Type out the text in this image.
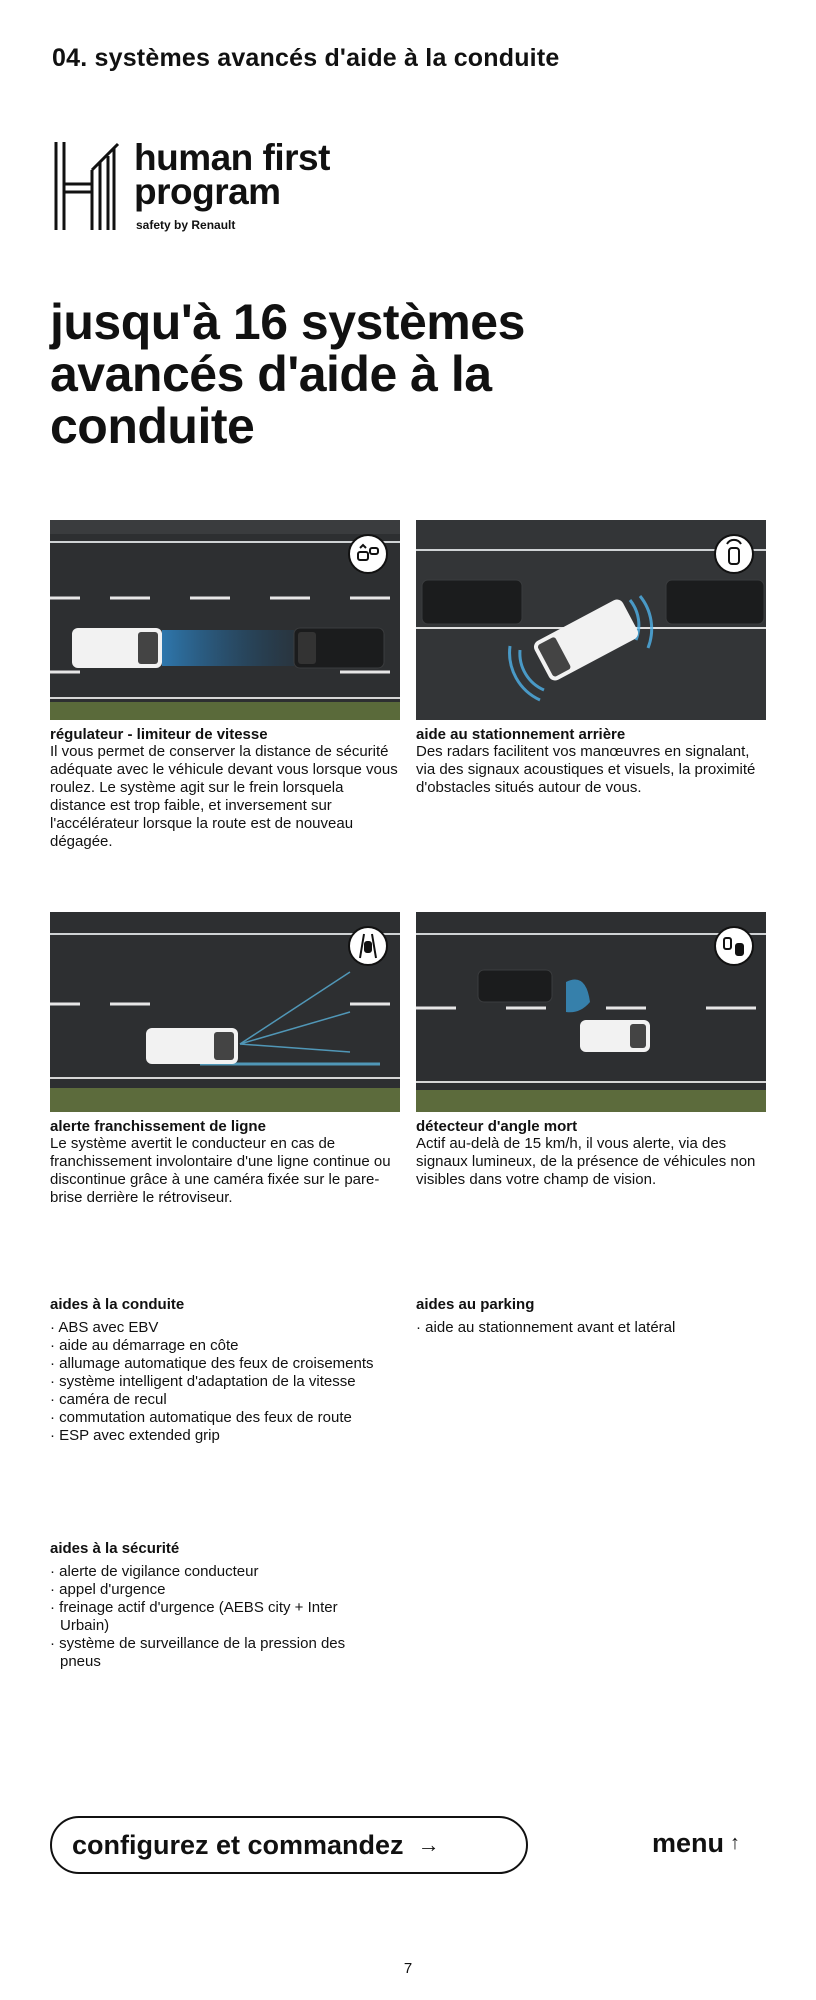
04. systèmes avancés d'aide à la conduite
human first
program
safety by Renault
jusqu'à 16 systèmes avancés d'aide à la conduite
régulateur - limiteur de vitesse

Il vous permet de conserver la distance de sécurité adéquate avec le véhicule devant vous lorsque vous roulez. Le système agit sur le frein lorsquela distance est trop faible, et inversement sur l'accélérateur lorsque la route est de nouveau dégagée.

aide au stationnement arrière

Des radars facilitent vos manœuvres en signalant, via des signaux acoustiques et visuels, la proximité d'obstacles situés autour de vous.

alerte franchissement de ligne

Le système avertit le conducteur en cas de franchissement involontaire d'une ligne continue ou discontinue grâce à une caméra fixée sur le pare-brise derrière le rétroviseur.

détecteur d'angle mort

Actif au-delà de 15 km/h, il vous alerte, via des signaux lumineux, de la présence de véhicules non visibles dans votre champ de vision.

aides à la conduite
· ABS avec EBV
· aide au démarrage en côte
· allumage automatique des feux de croisements
· système intelligent d'adaptation de la vitesse
· caméra de recul
· commutation automatique des feux de route
· ESP avec extended grip
aides au parking
· aide au stationnement avant et latéral
aides à la sécurité
· alerte de vigilance conducteur
· appel d'urgence
· freinage actif d'urgence (AEBS city + Inter Urbain)
· système de surveillance de la pression des pneus
configurez et commandez →	menu ↑
7
